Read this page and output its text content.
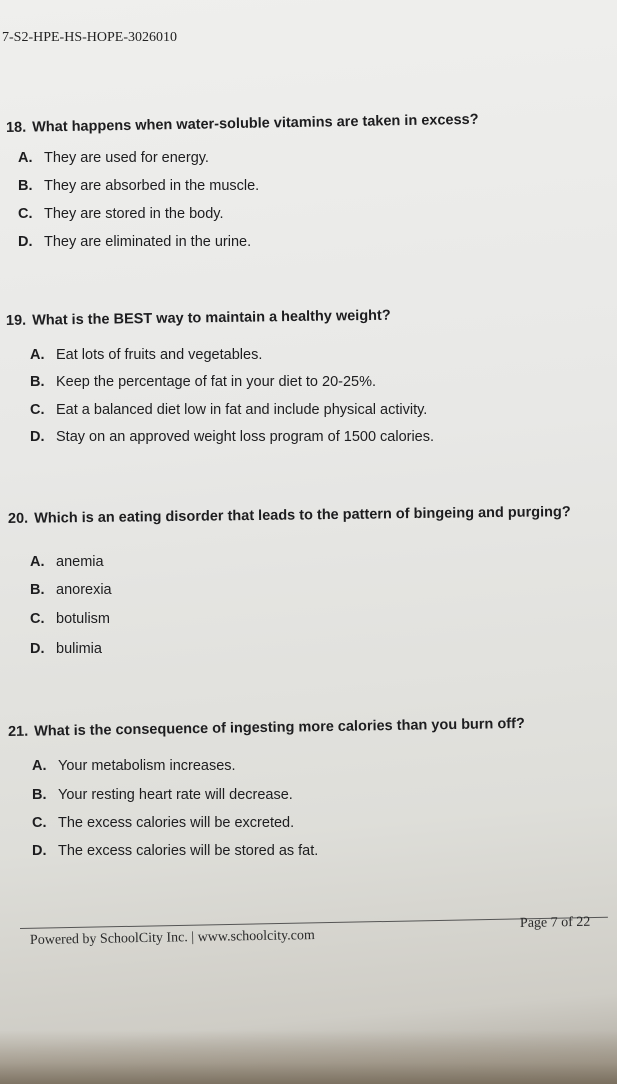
7-S2-HPE-HS-HOPE-3026010
18. What happens when water-soluble vitamins are taken in excess?
A. They are used for energy.
B. They are absorbed in the muscle.
C. They are stored in the body.
D. They are eliminated in the urine.
19. What is the BEST way to maintain a healthy weight?
A. Eat lots of fruits and vegetables.
B. Keep the percentage of fat in your diet to 20-25%.
C. Eat a balanced diet low in fat and include physical activity.
D. Stay on an approved weight loss program of 1500 calories.
20. Which is an eating disorder that leads to the pattern of bingeing and purging?
A. anemia
B. anorexia
C. botulism
D. bulimia
21. What is the consequence of ingesting more calories than you burn off?
A. Your metabolism increases.
B. Your resting heart rate will decrease.
C. The excess calories will be excreted.
D. The excess calories will be stored as fat.
Powered by SchoolCity Inc. | www.schoolcity.com
Page 7 of 22
